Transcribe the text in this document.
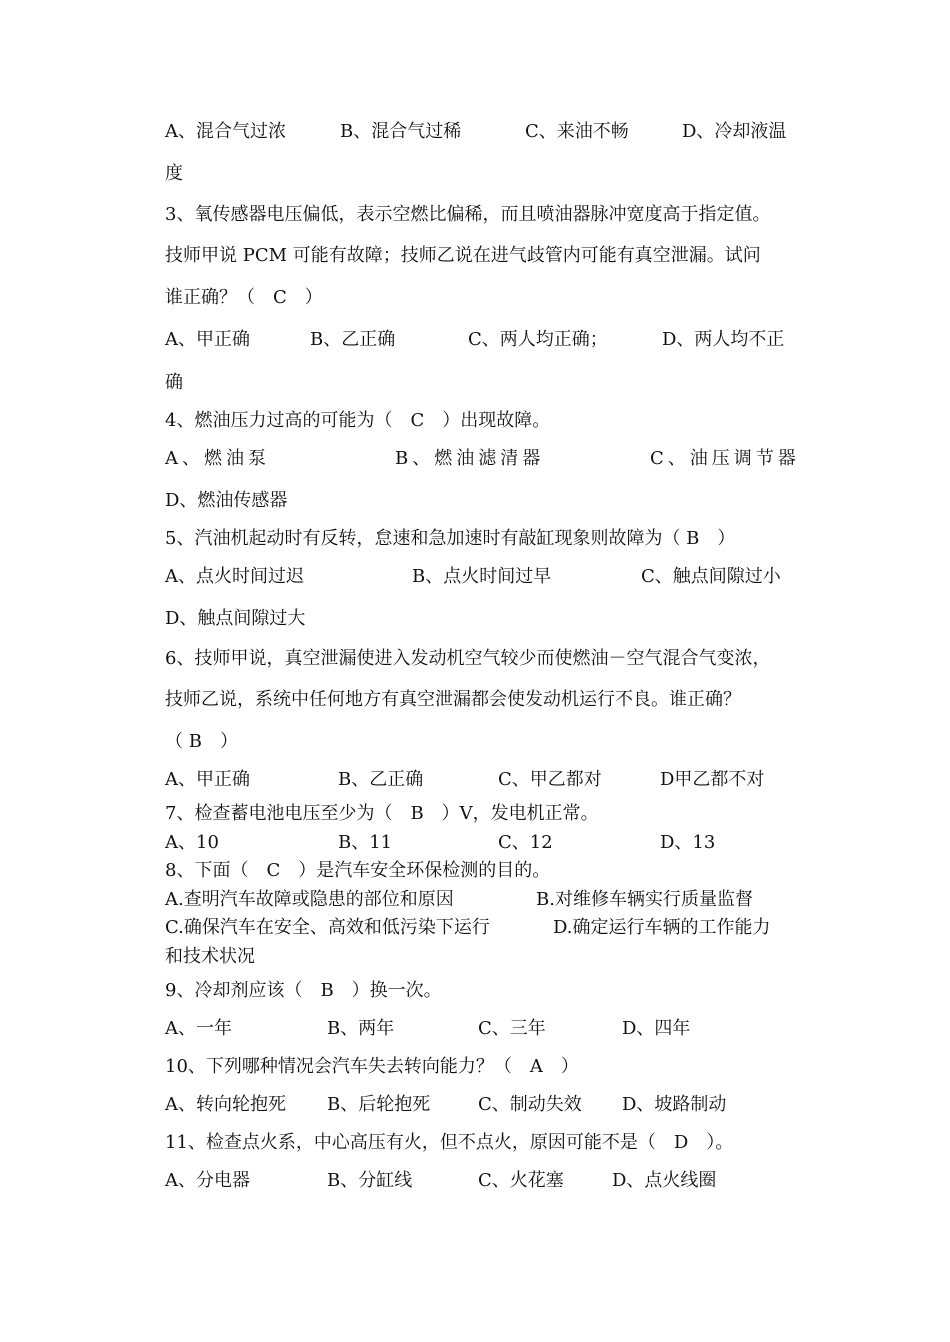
A、混合气过浓	B、混合气过稀	C、来油不畅	D、冷却液温

度

3、氧传感器电压偏低，表示空燃比偏稀，而且喷油器脉冲宽度高于指定值。

技师甲说 PCM 可能有故障；技师乙说在进气歧管内可能有真空泄漏。试问

谁正确？（　C　）

A、甲正确	B、乙正确	C、两人均正确；	D、两人均不正

确

4、燃油压力过高的可能为（　C　）出现故障。

A、燃油泵	B、燃油滤清器	C、油压调节器

D、燃油传感器

5、汽油机起动时有反转，怠速和急加速时有敲缸现象则故障为（ B　）

A、点火时间过迟	B、点火时间过早	C、触点间隙过小

D、触点间隙过大

6、技师甲说，真空泄漏使进入发动机空气较少而使燃油－空气混合气变浓，

技师乙说，系统中任何地方有真空泄漏都会使发动机运行不良。谁正确？

（ B　）

A、甲正确	B、乙正确	C、甲乙都对	D甲乙都不对

7、检查蓄电池电压至少为（　B　）V，发电机正常。

A、10	B、11	C、12	D、13

8、下面（　C　）是汽车安全环保检测的目的。

A.查明汽车故障或隐患的部位和原因	B.对维修车辆实行质量监督

C.确保汽车在安全、高效和低污染下运行	D.确定运行车辆的工作能力

和技术状况

9、冷却剂应该（　B　）换一次。

A、一年	B、两年	C、三年	D、四年

10、下列哪种情况会汽车失去转向能力？（　A　）

A、转向轮抱死 B、后轮抱死	C、制动失效 D、坡路制动

11、检查点火系，中心高压有火，但不点火，原因可能不是（　D　）。

A、分电器	B、分缸线	C、火花塞	D、点火线圈
